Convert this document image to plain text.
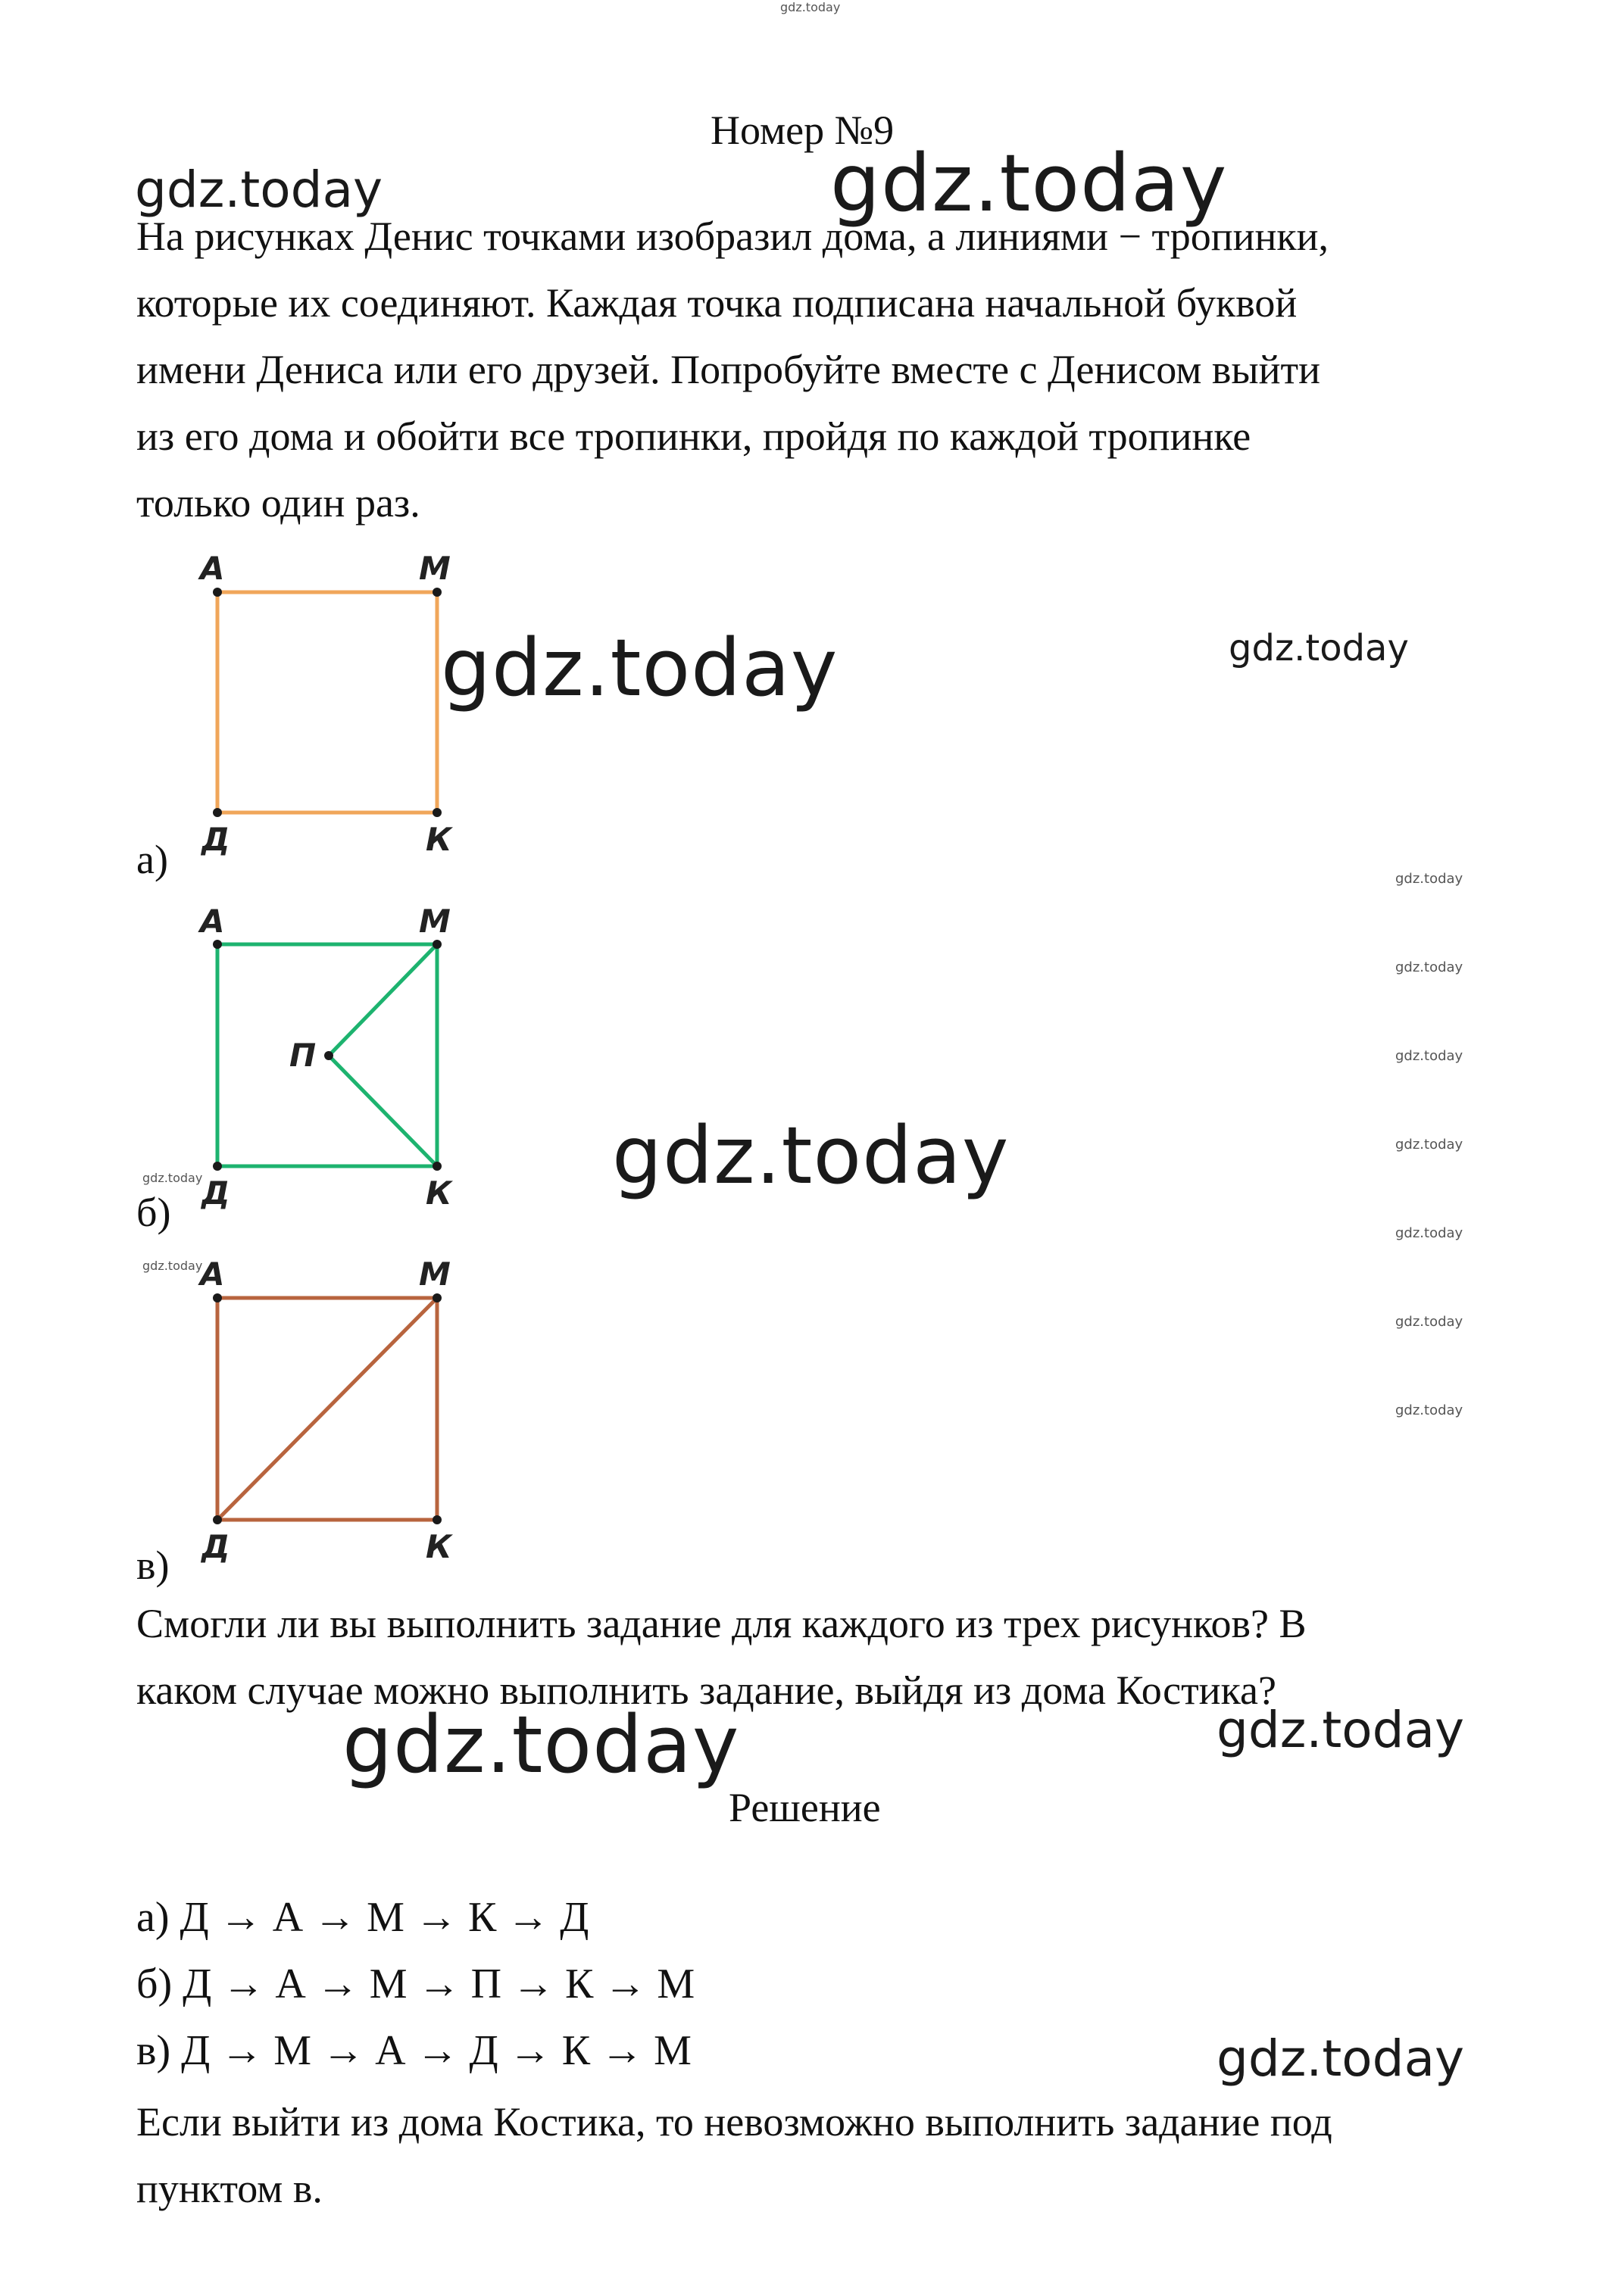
gdz.today
Номер №9
gdz.today	gdz.today
На рисунках Денис точками изобразил дома, а линиями − тропинки,
которые их соединяют. Каждая точка подписана начальной буквой
имени Дениса или его друзей. Попробуйте вместе с Денисом выйти
из его дома и обойти все тропинки, пройдя по каждой тропинке
только один раз.
А	М
Д	К
а)
gdz.today	gdz.today
А	М
П
Д	К
б)
gdz.today
gdz.today
gdz.today
gdz.today
gdz.today
gdz.today
gdz.today
gdz.today
gdz.today
gdz.today
А	М
Д	К
в)
Смогли ли вы выполнить задание для каждого из трех рисунков? В
каком случае можно выполнить задание, выйдя из дома Костика?
gdz.today	gdz.today
Решение
а) Д → А → М → К → Д
б) Д → А → М → П → К → М
в) Д → М → А → Д → К → М	gdz.today
Если выйти из дома Костика, то невозможно выполнить задание под
пунктом в.
